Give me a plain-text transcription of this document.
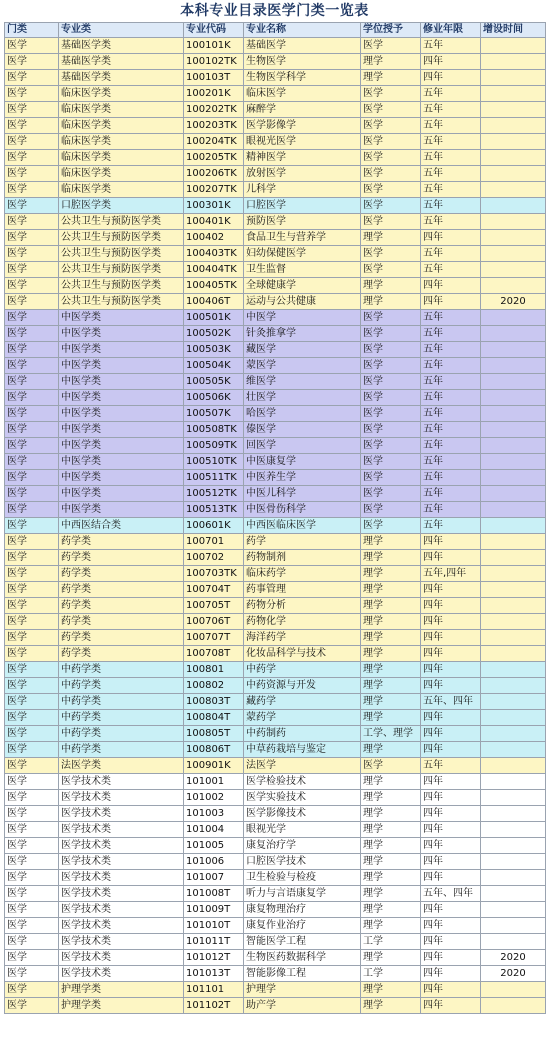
本科专业目录医学门类一览表
门类	专业类	专业代码	专业名称	学位授予	修业年限	增设时间
医学	基础医学类	100101K	基础医学	医学	五年	
医学	基础医学类	100102TK	生物医学	理学	四年	
医学	基础医学类	100103T	生物医学科学	理学	四年	
医学	临床医学类	100201K	临床医学	医学	五年	
医学	临床医学类	100202TK	麻醉学	医学	五年	
医学	临床医学类	100203TK	医学影像学	医学	五年	
医学	临床医学类	100204TK	眼视光医学	医学	五年	
医学	临床医学类	100205TK	精神医学	医学	五年	
医学	临床医学类	100206TK	放射医学	医学	五年	
医学	临床医学类	100207TK	儿科学	医学	五年	
医学	口腔医学类	100301K	口腔医学	医学	五年	
医学	公共卫生与预防医学类	100401K	预防医学	医学	五年	
医学	公共卫生与预防医学类	100402	食品卫生与营养学	理学	四年	
医学	公共卫生与预防医学类	100403TK	妇幼保健医学	医学	五年	
医学	公共卫生与预防医学类	100404TK	卫生监督	医学	五年	
医学	公共卫生与预防医学类	100405TK	全球健康学	理学	四年	
医学	公共卫生与预防医学类	100406T	运动与公共健康	理学	四年	2020
医学	中医学类	100501K	中医学	医学	五年	
医学	中医学类	100502K	针灸推拿学	医学	五年	
医学	中医学类	100503K	藏医学	医学	五年	
医学	中医学类	100504K	蒙医学	医学	五年	
医学	中医学类	100505K	维医学	医学	五年	
医学	中医学类	100506K	壮医学	医学	五年	
医学	中医学类	100507K	哈医学	医学	五年	
医学	中医学类	100508TK	傣医学	医学	五年	
医学	中医学类	100509TK	回医学	医学	五年	
医学	中医学类	100510TK	中医康复学	医学	五年	
医学	中医学类	100511TK	中医养生学	医学	五年	
医学	中医学类	100512TK	中医儿科学	医学	五年	
医学	中医学类	100513TK	中医骨伤科学	医学	五年	
医学	中西医结合类	100601K	中西医临床医学	医学	五年	
医学	药学类	100701	药学	理学	四年	
医学	药学类	100702	药物制剂	理学	四年	
医学	药学类	100703TK	临床药学	理学	五年,四年	
医学	药学类	100704T	药事管理	理学	四年	
医学	药学类	100705T	药物分析	理学	四年	
医学	药学类	100706T	药物化学	理学	四年	
医学	药学类	100707T	海洋药学	理学	四年	
医学	药学类	100708T	化妆品科学与技术	理学	四年	
医学	中药学类	100801	中药学	理学	四年	
医学	中药学类	100802	中药资源与开发	理学	四年	
医学	中药学类	100803T	藏药学	理学	五年、四年	
医学	中药学类	100804T	蒙药学	理学	四年	
医学	中药学类	100805T	中药制药	工学、理学	四年	
医学	中药学类	100806T	中草药栽培与鉴定	理学	四年	
医学	法医学类	100901K	法医学	医学	五年	
医学	医学技术类	101001	医学检验技术	理学	四年	
医学	医学技术类	101002	医学实验技术	理学	四年	
医学	医学技术类	101003	医学影像技术	理学	四年	
医学	医学技术类	101004	眼视光学	理学	四年	
医学	医学技术类	101005	康复治疗学	理学	四年	
医学	医学技术类	101006	口腔医学技术	理学	四年	
医学	医学技术类	101007	卫生检验与检疫	理学	四年	
医学	医学技术类	101008T	听力与言语康复学	理学	五年、四年	
医学	医学技术类	101009T	康复物理治疗	理学	四年	
医学	医学技术类	101010T	康复作业治疗	理学	四年	
医学	医学技术类	101011T	智能医学工程	工学	四年	
医学	医学技术类	101012T	生物医药数据科学	理学	四年	2020
医学	医学技术类	101013T	智能影像工程	工学	四年	2020
医学	护理学类	101101	护理学	理学	四年	
医学	护理学类	101102T	助产学	理学	四年	
